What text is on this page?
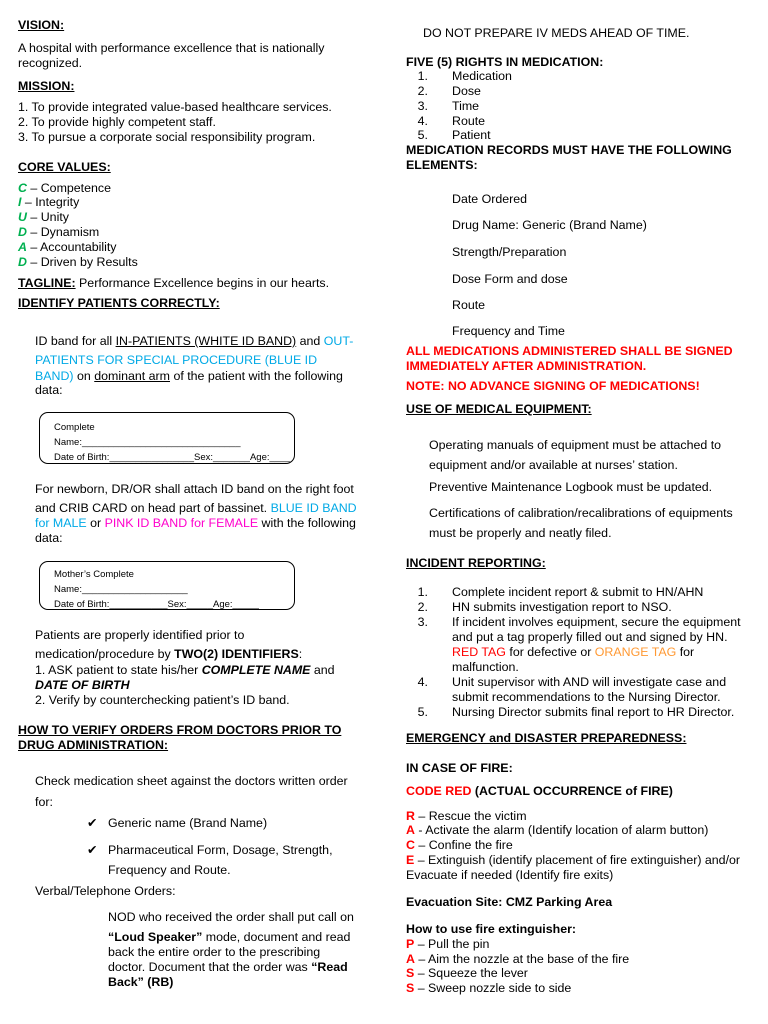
VISION:
A hospital with performance excellence that is nationally
recognized.
MISSION:
1. To provide integrated value-based healthcare services.
2. To provide highly competent staff.
3. To pursue a corporate social responsibility program.
CORE VALUES:
C – Competence
I – Integrity
U – Unity
D – Dynamism
A – Accountability
D – Driven by Results
TAGLINE: Performance Excellence begins in our hearts.
IDENTIFY PATIENTS CORRECTLY:
ID band for all IN-PATIENTS (WHITE ID BAND) and OUT-
PATIENTS FOR SPECIAL PROCEDURE (BLUE ID
BAND) on dominant arm of the patient with the following
data:
Complete
Name:______________________________
Date of Birth:________________Sex:_______Age:____
For newborn, DR/OR shall attach ID band on the right foot
and CRIB CARD on head part of bassinet. BLUE ID BAND
for MALE or PINK ID BAND for FEMALE with the following
data:
Mother’s Complete
Name:____________________
Date of Birth:___________Sex:_____Age:_____
Patients are properly identified prior to
medication/procedure by TWO(2) IDENTIFIERS:
1. ASK patient to state his/her COMPLETE NAME and
DATE OF BIRTH
2. Verify by counterchecking patient’s ID band.
HOW TO VERIFY ORDERS FROM DOCTORS PRIOR TO
DRUG ADMINISTRATION:
Check medication sheet against the doctors written order
for:
✔ Generic name (Brand Name)
✔ Pharmaceutical Form, Dosage, Strength,
Frequency and Route.
Verbal/Telephone Orders:
NOD who received the order shall put call on
“Loud Speaker” mode, document and read
back the entire order to the prescribing
doctor. Document that the order was “Read
Back” (RB)
DO NOT PREPARE IV MEDS AHEAD OF TIME.
FIVE (5) RIGHTS IN MEDICATION:
1. Medication
2. Dose
3. Time
4. Route
5. Patient
MEDICATION RECORDS MUST HAVE THE FOLLOWING
ELEMENTS:
Date Ordered
Drug Name: Generic (Brand Name)
Strength/Preparation
Dose Form and dose
Route
Frequency and Time
ALL MEDICATIONS ADMINISTERED SHALL BE SIGNED
IMMEDIATELY AFTER ADMINISTRATION.
NOTE: NO ADVANCE SIGNING OF MEDICATIONS!
USE OF MEDICAL EQUIPMENT:
Operating manuals of equipment must be attached to
equipment and/or available at nurses’ station.
Preventive Maintenance Logbook must be updated.
Certifications of calibration/recalibrations of equipments
must be properly and neatly filed.
INCIDENT REPORTING:
1. Complete incident report & submit to HN/AHN
2. HN submits investigation report to NSO.
3. If incident involves equipment, secure the equipment
and put a tag properly filled out and signed by HN.
RED TAG for defective or ORANGE TAG for
malfunction.
4. Unit supervisor with AND will investigate case and
submit recommendations to the Nursing Director.
5. Nursing Director submits final report to HR Director.
EMERGENCY and DISASTER PREPAREDNESS:
IN CASE OF FIRE:
CODE RED (ACTUAL OCCURRENCE of FIRE)
R – Rescue the victim
A - Activate the alarm (Identify location of alarm button)
C – Confine the fire
E – Extinguish (identify placement of fire extinguisher) and/or
Evacuate if needed (Identify fire exits)
Evacuation Site: CMZ Parking Area
How to use fire extinguisher:
P – Pull the pin
A – Aim the nozzle at the base of the fire
S – Squeeze the lever
S – Sweep nozzle side to side
